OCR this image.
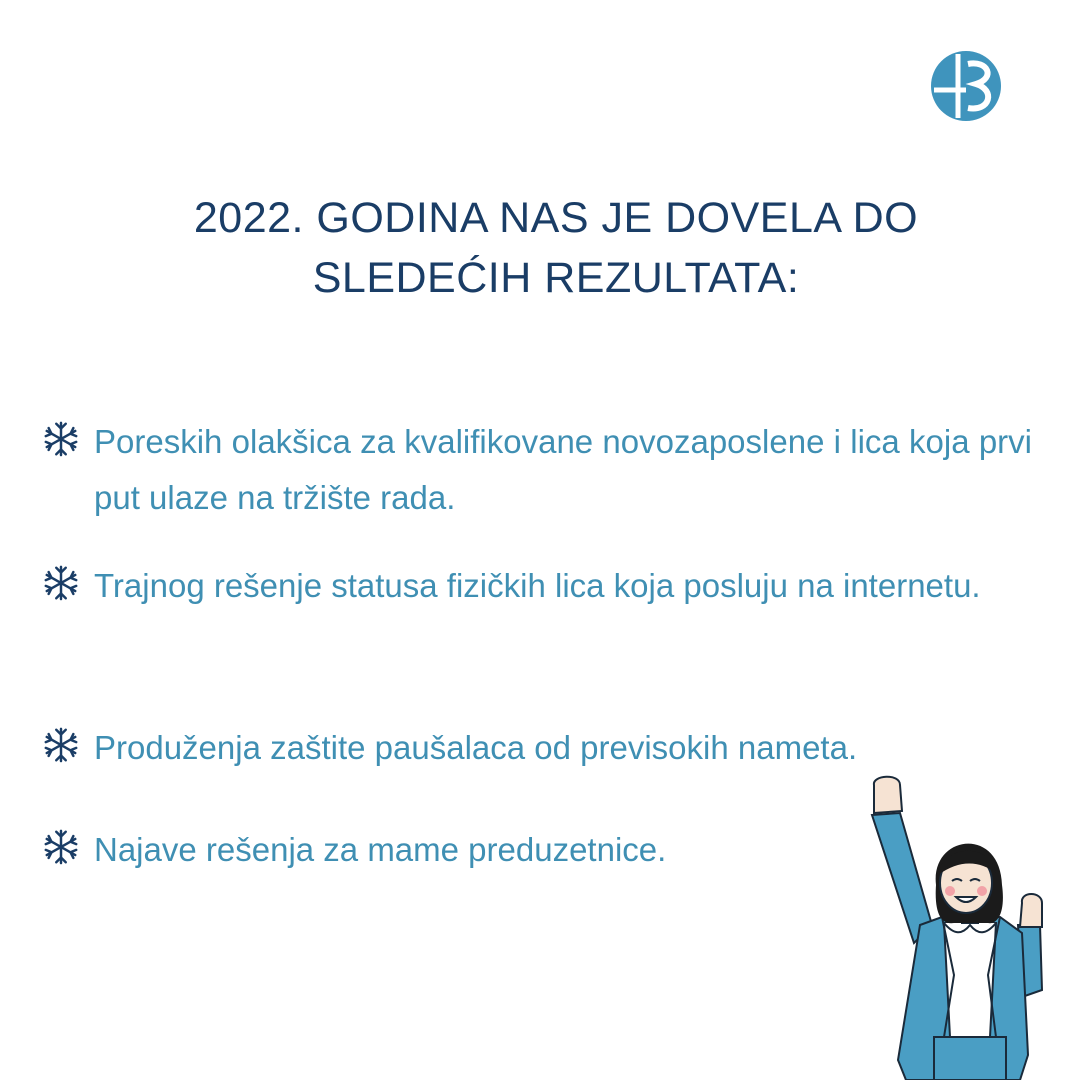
2022. GODINA NAS JE DOVELA DO
SLEDEĆIH REZULTATA:
Poreskih olakšica za kvalifikovane novozaposlene i lica koja prvi put ulaze na tržište rada.
Trajnog rešenje statusa fizičkih lica koja posluju na internetu.
Produženja zaštite paušalaca od previsokih nameta.
Najave rešenja za mame preduzetnice.
